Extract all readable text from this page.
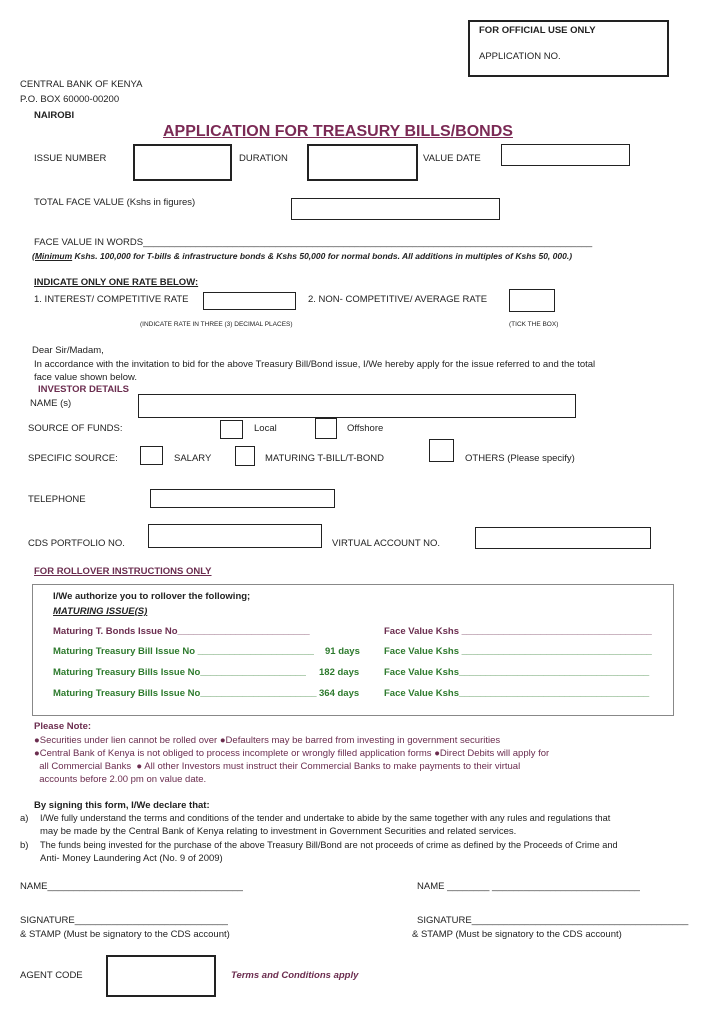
FOR OFFICIAL USE ONLY
APPLICATION NO.
CENTRAL BANK OF KENYA
P.O. BOX 60000-00200
NAIROBI
APPLICATION FOR TREASURY BILLS/BONDS
ISSUE NUMBER	DURATION	VALUE DATE
TOTAL FACE VALUE (Kshs in figures)
FACE VALUE IN WORDS_____________________________________________________________________________________
(Minimum Kshs. 100,000 for T-bills & infrastructure bonds & Kshs 50,000 for normal bonds. All additions in multiples of Kshs 50, 000.)
INDICATE ONLY ONE RATE BELOW:
1. INTEREST/ COMPETITIVE RATE	2. NON- COMPETITIVE/ AVERAGE RATE
(INDICATE RATE IN THREE (3) DECIMAL PLACES)	(TICK THE BOX)
Dear Sir/Madam,
In accordance with the invitation to bid for the above Treasury Bill/Bond issue, I/We hereby apply for the issue referred to and the total
face value shown below.
INVESTOR DETAILS
NAME (s)
SOURCE OF FUNDS:	Local	Offshore
SPECIFIC SOURCE:	SALARY	MATURING T-BILL/T-BOND	OTHERS (Please specify)
TELEPHONE
CDS PORTFOLIO NO.	VIRTUAL ACCOUNT NO.
FOR ROLLOVER INSTRUCTIONS ONLY
I/We authorize you to rollover the following;
MATURING ISSUE(S)
Maturing T. Bonds Issue No_________________________	Face Value Kshs ____________________________________
Maturing Treasury Bill Issue No ______________________ 91 days	Face Value Kshs ____________________________________
Maturing Treasury Bills Issue No____________________ 182 days	Face Value Kshs____________________________________
Maturing Treasury Bills Issue No______________________ 364 days	Face Value Kshs____________________________________
Please Note:
●Securities under lien cannot be rolled over ●Defaulters may be barred from investing in government securities
●Central Bank of Kenya is not obliged to process incomplete or wrongly filled application forms ●Direct Debits will apply for
all Commercial Banks  ● All other Investors must instruct their Commercial Banks to make payments to their virtual
accounts before 2.00 pm on value date.
By signing this form, I/We declare that:
a) I/We fully understand the terms and conditions of the tender and undertake to abide by the same together with any rules and regulations that
may be made by the Central Bank of Kenya relating to investment in Government Securities and related services.
b) The funds being invested for the purchase of the above Treasury Bill/Bond are not proceeds of crime as defined by the Proceeds of Crime and
Anti- Money Laundering Act (No. 9 of 2009)
NAME_____________________________________	NAME ________ ____________________________
SIGNATURE_____________________________	SIGNATURE_________________________________________
& STAMP (Must be signatory to the CDS account)	& STAMP (Must be signatory to the CDS account)
AGENT CODE	Terms and Conditions apply
